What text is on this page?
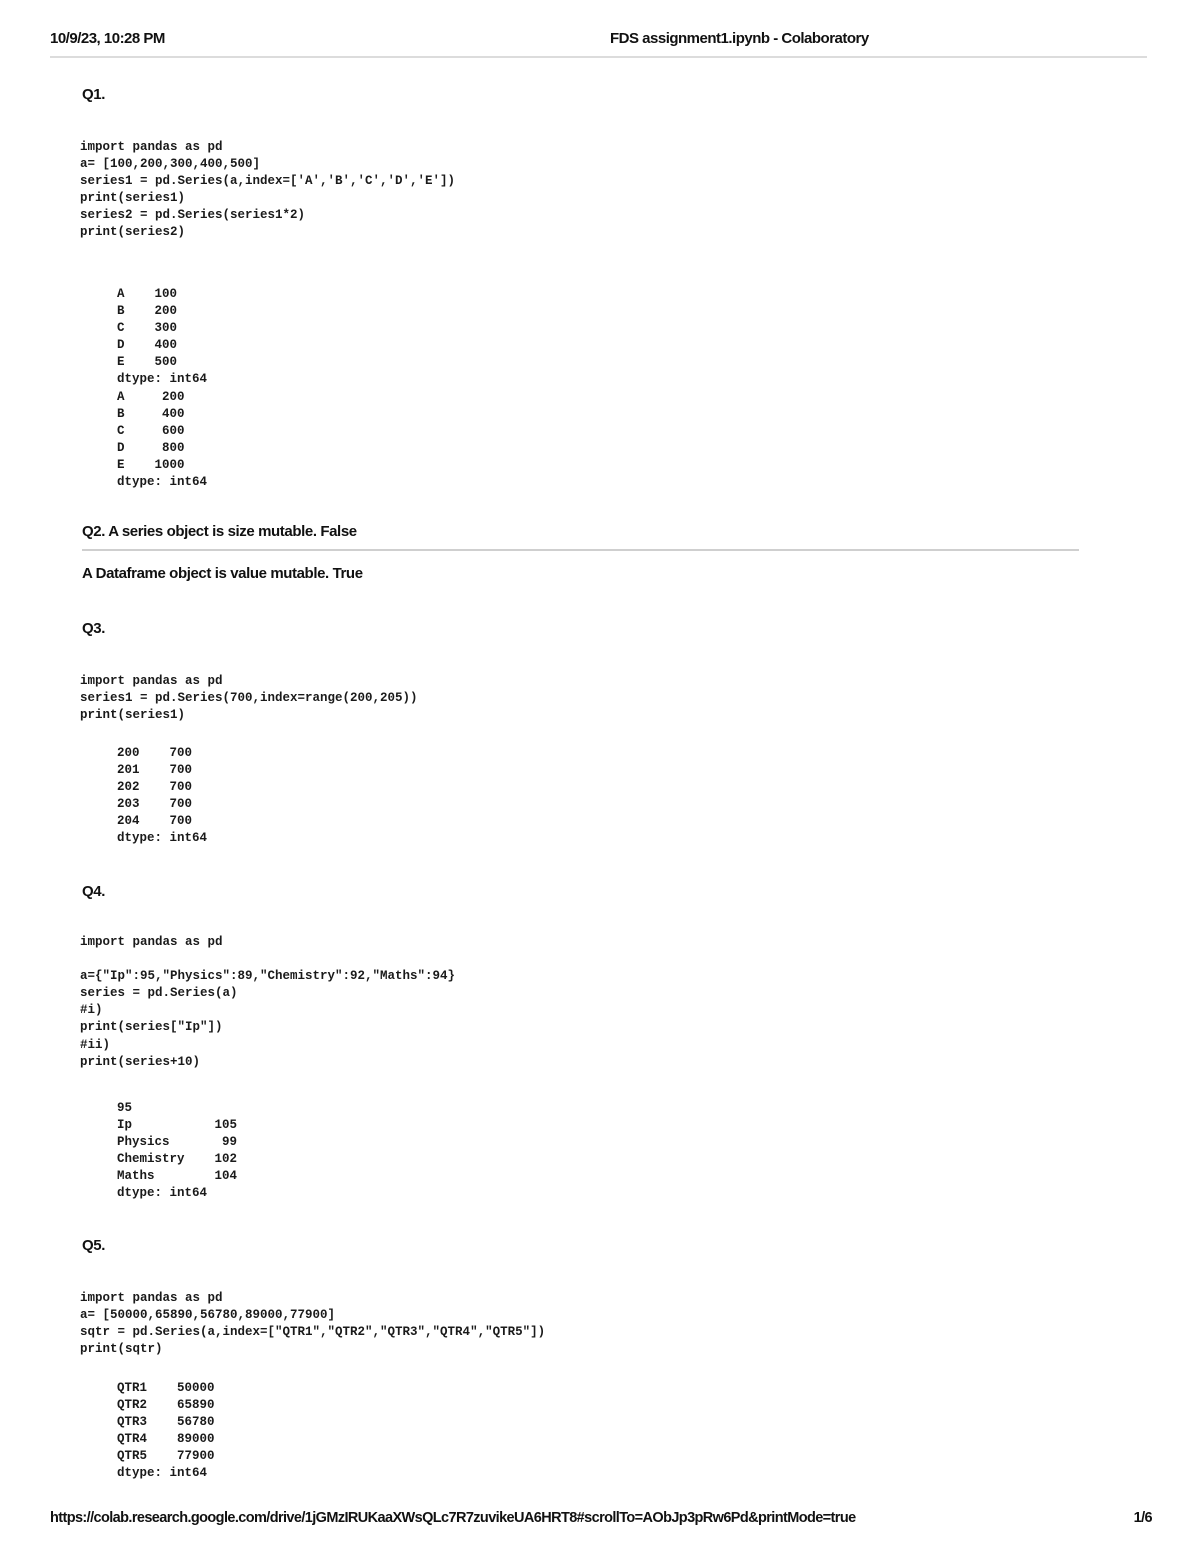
10/9/23, 10:28 PM	FDS assignment1.ipynb - Colaboratory
Q1.
import pandas as pd
a= [100,200,300,400,500]
series1 = pd.Series(a,index=['A','B','C','D','E'])
print(series1)
series2 = pd.Series(series1*2)
print(series2)
A    100
B    200
C    300
D    400
E    500
dtype: int64
A     200
B     400
C     600
D     800
E    1000
dtype: int64
Q2. A series object is size mutable. False
A Dataframe object is value mutable. True
Q3.
import pandas as pd
series1 = pd.Series(700,index=range(200,205))
print(series1)
200    700
201    700
202    700
203    700
204    700
dtype: int64
Q4.
import pandas as pd

a={"Ip":95,"Physics":89,"Chemistry":92,"Maths":94}
series = pd.Series(a)
#i)
print(series["Ip"])
#ii)
print(series+10)
95
Ip           105
Physics       99
Chemistry    102
Maths        104
dtype: int64
Q5.
import pandas as pd
a= [50000,65890,56780,89000,77900]
sqtr = pd.Series(a,index=["QTR1","QTR2","QTR3","QTR4","QTR5"])
print(sqtr)
QTR1    50000
QTR2    65890
QTR3    56780
QTR4    89000
QTR5    77900
dtype: int64
https://colab.research.google.com/drive/1jGMzIRUKaaXWsQLc7R7zuvikeUA6HRT8#scrollTo=AObJp3pRw6Pd&printMode=true	1/6
